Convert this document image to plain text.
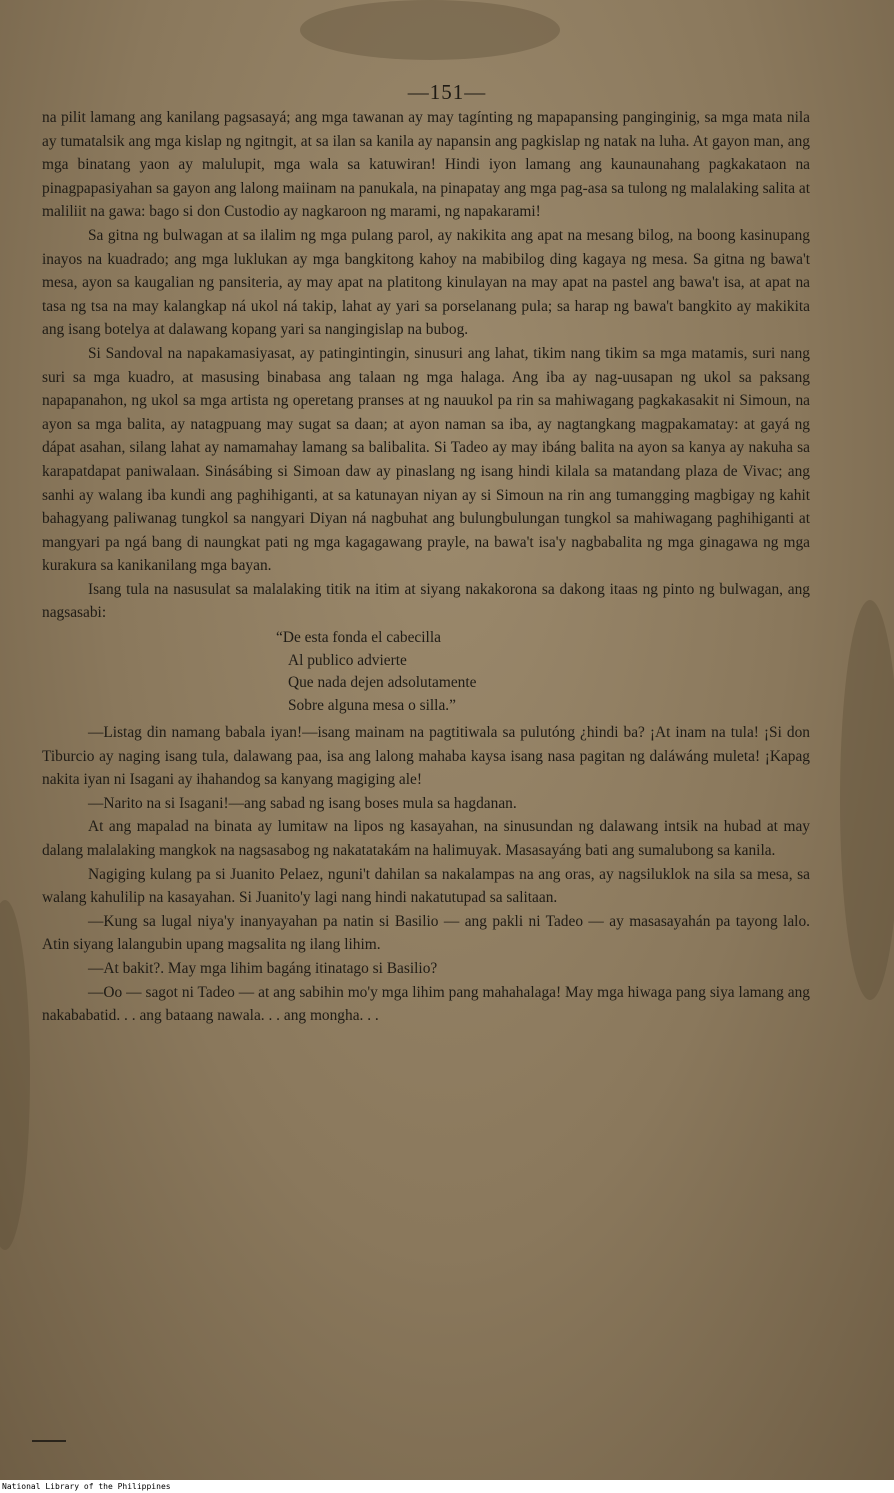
—151—

na pilit lamang ang kanilang pagsasayá; ang mga tawanan ay may tagínting ng mapapansing panginginig, sa mga mata nila ay tumatalsik ang mga kislap ng ngitngit, at sa ilan sa kanila ay napansin ang pagkislap ng natak na luha. At gayon man, ang mga binatang yaon ay malulupit, mga wala sa katuwiran! Hindi iyon lamang ang kaunaunahang pagkakataon na pinagpapasiyahan sa gayon ang lalong maiinam na panukala, na pinapatay ang mga pag-asa sa tulong ng malalaking salita at maliliit na gawa: bago si don Custodio ay nagkaroon ng marami, ng napakarami!

Sa gitna ng bulwagan at sa ilalim ng mga pulang parol, ay nakikita ang apat na mesang bilog, na boong kasinupang inayos na kuadrado; ang mga luklukan ay mga bangkitong kahoy na mabibilog ding kagaya ng mesa. Sa gitna ng bawa't mesa, ayon sa kaugalian ng pansiteria, ay may apat na platitong kinulayan na may apat na pastel ang bawa't isa, at apat na tasa ng tsa na may kalangkap ná ukol ná takip, lahat ay yari sa porselanang pula; sa harap ng bawa't bangkito ay makikita ang isang botelya at dalawang kopang yari sa nangingislap na bubog.

Si Sandoval na napakamasiyasat, ay patingintingin, sinusuri ang lahat, tikim nang tikim sa mga matamis, suri nang suri sa mga kuadro, at masusing binabasa ang talaan ng mga halaga. Ang iba ay nag-uusapan ng ukol sa paksang napapanahon, ng ukol sa mga artista ng operetang pranses at ng nauukol pa rin sa mahiwagang pagkakasakit ni Simoun, na ayon sa mga balita, ay natagpuang may sugat sa daan; at ayon naman sa iba, ay nagtangkang magpakamatay: at gayá ng dápat asahan, silang lahat ay namamahay lamang sa balibalita. Si Tadeo ay may ibáng balita na ayon sa kanya ay nakuha sa karapatdapat paniwalaan. Sinásábing si Simoan daw ay pinaslang ng isang hindi kilala sa matandang plaza de Vivac; ang sanhi ay walang iba kundi ang paghihiganti, at sa katunayan niyan ay si Simoun na rin ang tumangging magbigay ng kahit bahagyang paliwanag tungkol sa nangyari Diyan ná nagbuhat ang bulungbulungan tungkol sa mahiwagang paghihiganti at mangyari pa ngá bang di naungkat pati ng mga kagagawang prayle, na bawa't isa'y nagbabalita ng mga ginagawa ng mga kurakura sa kanikanilang mga bayan.

Isang tula na nasusulat sa malalaking titik na itim at siyang nakakorona sa dakong itaas ng pinto ng bulwagan, ang nagsasabi:

“De esta fonda el cabecilla
Al publico advierte
Que nada dejen adsolutamente
Sobre alguna mesa o silla.”

—Listag din namang babala iyan!—isang mainam na pagtitiwala sa pulutóng ¿hindi ba? ¡At inam na tula! ¡Si don Tiburcio ay naging isang tula, dalawang paa, isa ang lalong mahaba kaysa isang nasa pagitan ng daláwáng muleta! ¡Kapag nakita iyan ni Isagani ay ihahandog sa kanyang magiging ale!

—Narito na si Isagani!—ang sabad ng isang boses mula sa hagdanan.

At ang mapalad na binata ay lumitaw na lipos ng kasayahan, na sinusundan ng dalawang intsik na hubad at may dalang malalaking mangkok na nagsasabog ng nakatatakám na halimuyak. Masasayáng bati ang sumalubong sa kanila.

Nagiging kulang pa si Juanito Pelaez, nguni't dahilan sa nakalampas na ang oras, ay nagsiluklok na sila sa mesa, sa walang kahulilip na kasayahan. Si Juanito'y lagi nang hindi nakatutupad sa salitaan.

—Kung sa lugal niya'y inanyayahan pa natin si Basilio — ang pakli ni Tadeo — ay masasayahán pa tayong lalo. Atin siyang lalangubin upang magsalita ng ilang lihim.

—At bakit?. May mga lihim bagáng itinatago si Basilio?

—Oo — sagot ni Tadeo — at ang sabihin mo'y mga lihim pang mahahalaga! May mga hiwaga pang siya lamang ang nakababatid. . . ang bataang nawala. . . ang mongha. . .

National Library of the Philippines
